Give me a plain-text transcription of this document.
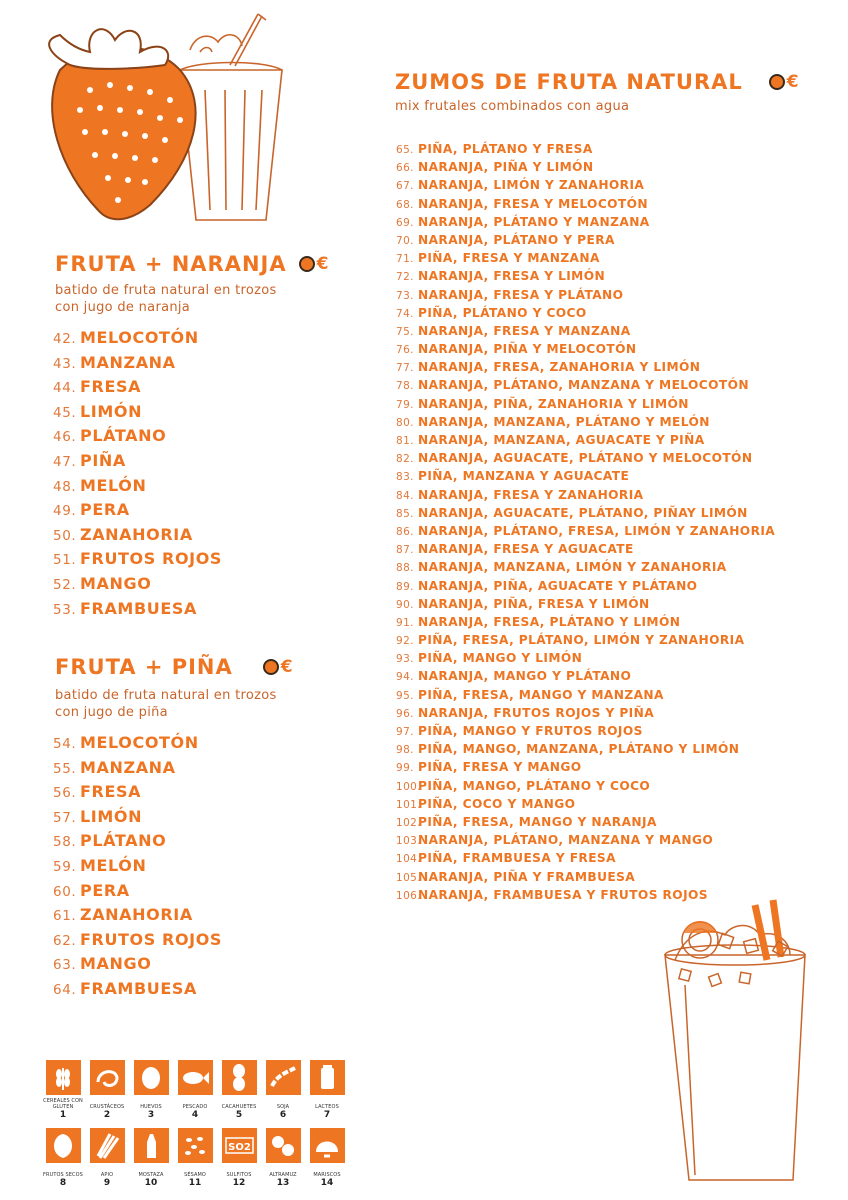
FRUTA + NARANJA €
batido de fruta natural en trozos
con jugo de naranja
42. MELOCOTÓN
43. MANZANA
44. FRESA
45. LIMÓN
46. PLÁTANO
47. PIÑA
48. MELÓN
49. PERA
50. ZANAHORIA
51. FRUTOS ROJOS
52. MANGO
53. FRAMBUESA
FRUTA + PIÑA	€
batido de fruta natural en trozos
con jugo de piña
54. MELOCOTÓN
55. MANZANA
56. FRESA
57. LIMÓN
58. PLÁTANO
59. MELÓN
60. PERA
61. ZANAHORIA
62. FRUTOS ROJOS
63. MANGO
64. FRAMBUESA
ZUMOS DE FRUTA NATURAL	€
mix frutales combinados con agua
65. PIÑA, PLÁTANO Y FRESA
66. NARANJA, PIÑA Y LIMÓN
67. NARANJA, LIMÓN Y ZANAHORIA
68. NARANJA, FRESA Y MELOCOTÓN
69. NARANJA, PLÁTANO Y MANZANA
70. NARANJA, PLÁTANO Y PERA
71. PIÑA, FRESA Y MANZANA
72. NARANJA, FRESA Y LIMÓN
73. NARANJA, FRESA Y PLÁTANO
74. PIÑA, PLÁTANO Y COCO
75. NARANJA, FRESA Y MANZANA
76. NARANJA, PIÑA Y MELOCOTÓN
77. NARANJA, FRESA, ZANAHORIA Y LIMÓN
78. NARANJA, PLÁTANO, MANZANA Y MELOCOTÓN
79. NARANJA, PIÑA, ZANAHORIA Y LIMÓN
80. NARANJA, MANZANA, PLÁTANO Y MELÓN
81. NARANJA, MANZANA, AGUACATE Y PIÑA
82. NARANJA, AGUACATE, PLÁTANO Y MELOCOTÓN
83. PIÑA, MANZANA Y AGUACATE
84. NARANJA, FRESA Y ZANAHORIA
85. NARANJA, AGUACATE, PLÁTANO, PIÑAY LIMÓN
86. NARANJA, PLÁTANO, FRESA, LIMÓN Y ZANAHORIA
87. NARANJA, FRESA Y AGUACATE
88. NARANJA, MANZANA, LIMÓN Y ZANAHORIA
89. NARANJA, PIÑA, AGUACATE Y PLÁTANO
90. NARANJA, PIÑA, FRESA Y LIMÓN
91. NARANJA, FRESA, PLÁTANO Y LIMÓN
92. PIÑA, FRESA, PLÁTANO, LIMÓN Y ZANAHORIA
93. PIÑA, MANGO Y LIMÓN
94. NARANJA, MANGO Y PLÁTANO
95. PIÑA, FRESA, MANGO Y MANZANA
96. NARANJA, FRUTOS ROJOS Y PIÑA
97. PIÑA, MANGO Y FRUTOS ROJOS
98. PIÑA, MANGO, MANZANA, PLÁTANO Y LIMÓN
99. PIÑA, FRESA Y MANGO
100.PIÑA, MANGO, PLÁTANO Y COCO
101.PIÑA, COCO Y MANGO
102.PIÑA, FRESA, MANGO Y NARANJA
103.NARANJA, PLÁTANO, MANZANA Y MANGO
104.PIÑA, FRAMBUESA Y FRESA
105.NARANJA, PIÑA Y FRAMBUESA
106.NARANJA, FRAMBUESA Y FRUTOS ROJOS
CEREALES CON GLUTEN
1
CRUSTÁCEOS
2
HUEVOS
3
PESCADO
4
CACAHUETES
5
SOJA
6
LACTEOS
7
FRUTOS SECOS
8
APIO
9
MOSTAZA
10
SÉSAMO
11
SO2
SULFITOS
12
ALTRAMUZ
13
MARISCOS
14
